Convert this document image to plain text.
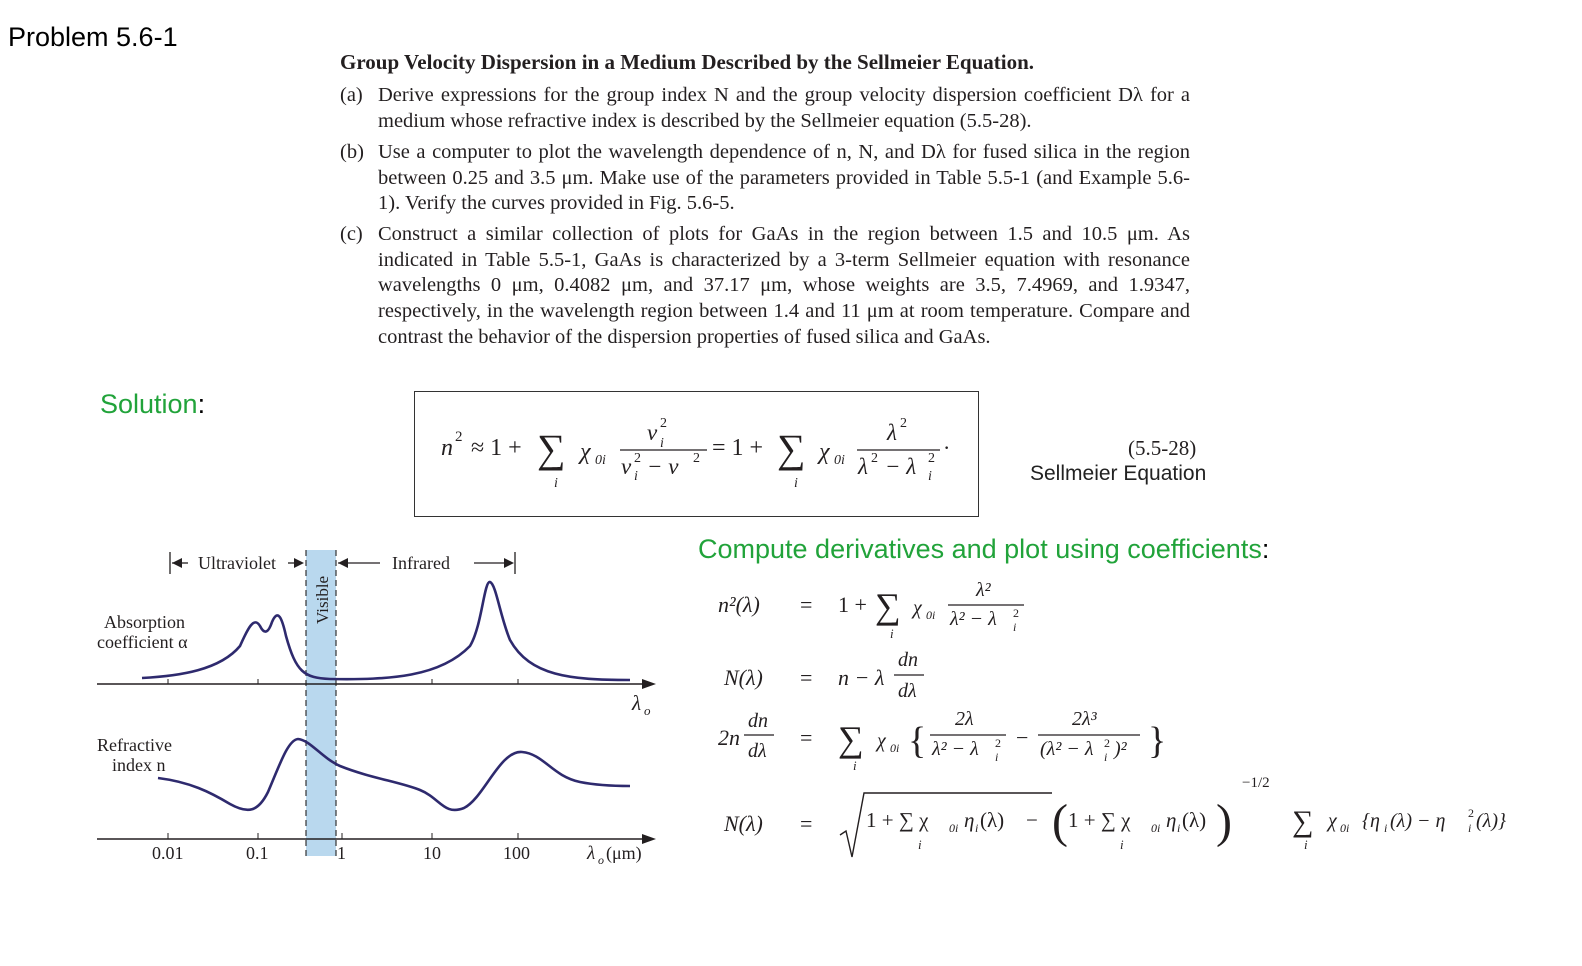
Problem 5.6-1
Group Velocity Dispersion in a Medium Described by the Sellmeier Equation.
(a) Derive expressions for the group index N and the group velocity dispersion coefficient Dλ for a medium whose refractive index is described by the Sellmeier equation (5.5-28).
(b) Use a computer to plot the wavelength dependence of n, N, and Dλ for fused silica in the region between 0.25 and 3.5 μm. Make use of the parameters provided in Table 5.5-1 (and Example 5.6-1). Verify the curves provided in Fig. 5.6-5.
(c) Construct a similar collection of plots for GaAs in the region between 1.5 and 10.5 μm. As indicated in Table 5.5-1, GaAs is characterized by a 3-term Sellmeier equation with resonance wavelengths 0 μm, 0.4082 μm, and 37.17 μm, whose weights are 3.5, 7.4969, and 1.9347, respectively, in the wavelength region between 1.4 and 11 μm at room temperature. Compare and contrast the behavior of the dispersion properties of fused silica and GaAs.
Solution:
n 2 ≈ 1 + ∑
i
χ 0i
ν 2
i
ν 2
i − ν 2 = 1 + ∑
i
χ 0i
λ 2
λ 2 − λ 2
i
·	(5.5-28)
Sellmeier Equation
Compute derivatives and plot using coefficients:
Visible
Ultraviolet	Infrared
Absorption
coefficient α
Refractive
index n
λ o
0.01	0.1	1	10	100	λ o (μm)
n²(λ) = 1 + ∑
i
χ 0i
λ²
λ² − λ 2
i
N(λ) = n − λ
dn
dλ
2n
dn
dλ
= ∑
i
χ 0i {
2λ
λ² − λ 2
i
−
2λ³
(λ² − λ 2
i )² }
N(λ) =	1 + ∑ χ 0i η i (λ)
i
− ( 1 + ∑ χ 0i η i (λ)
i )
−1/2
∑
i
χ 0i {η i (λ) − η 2
i (λ)}
